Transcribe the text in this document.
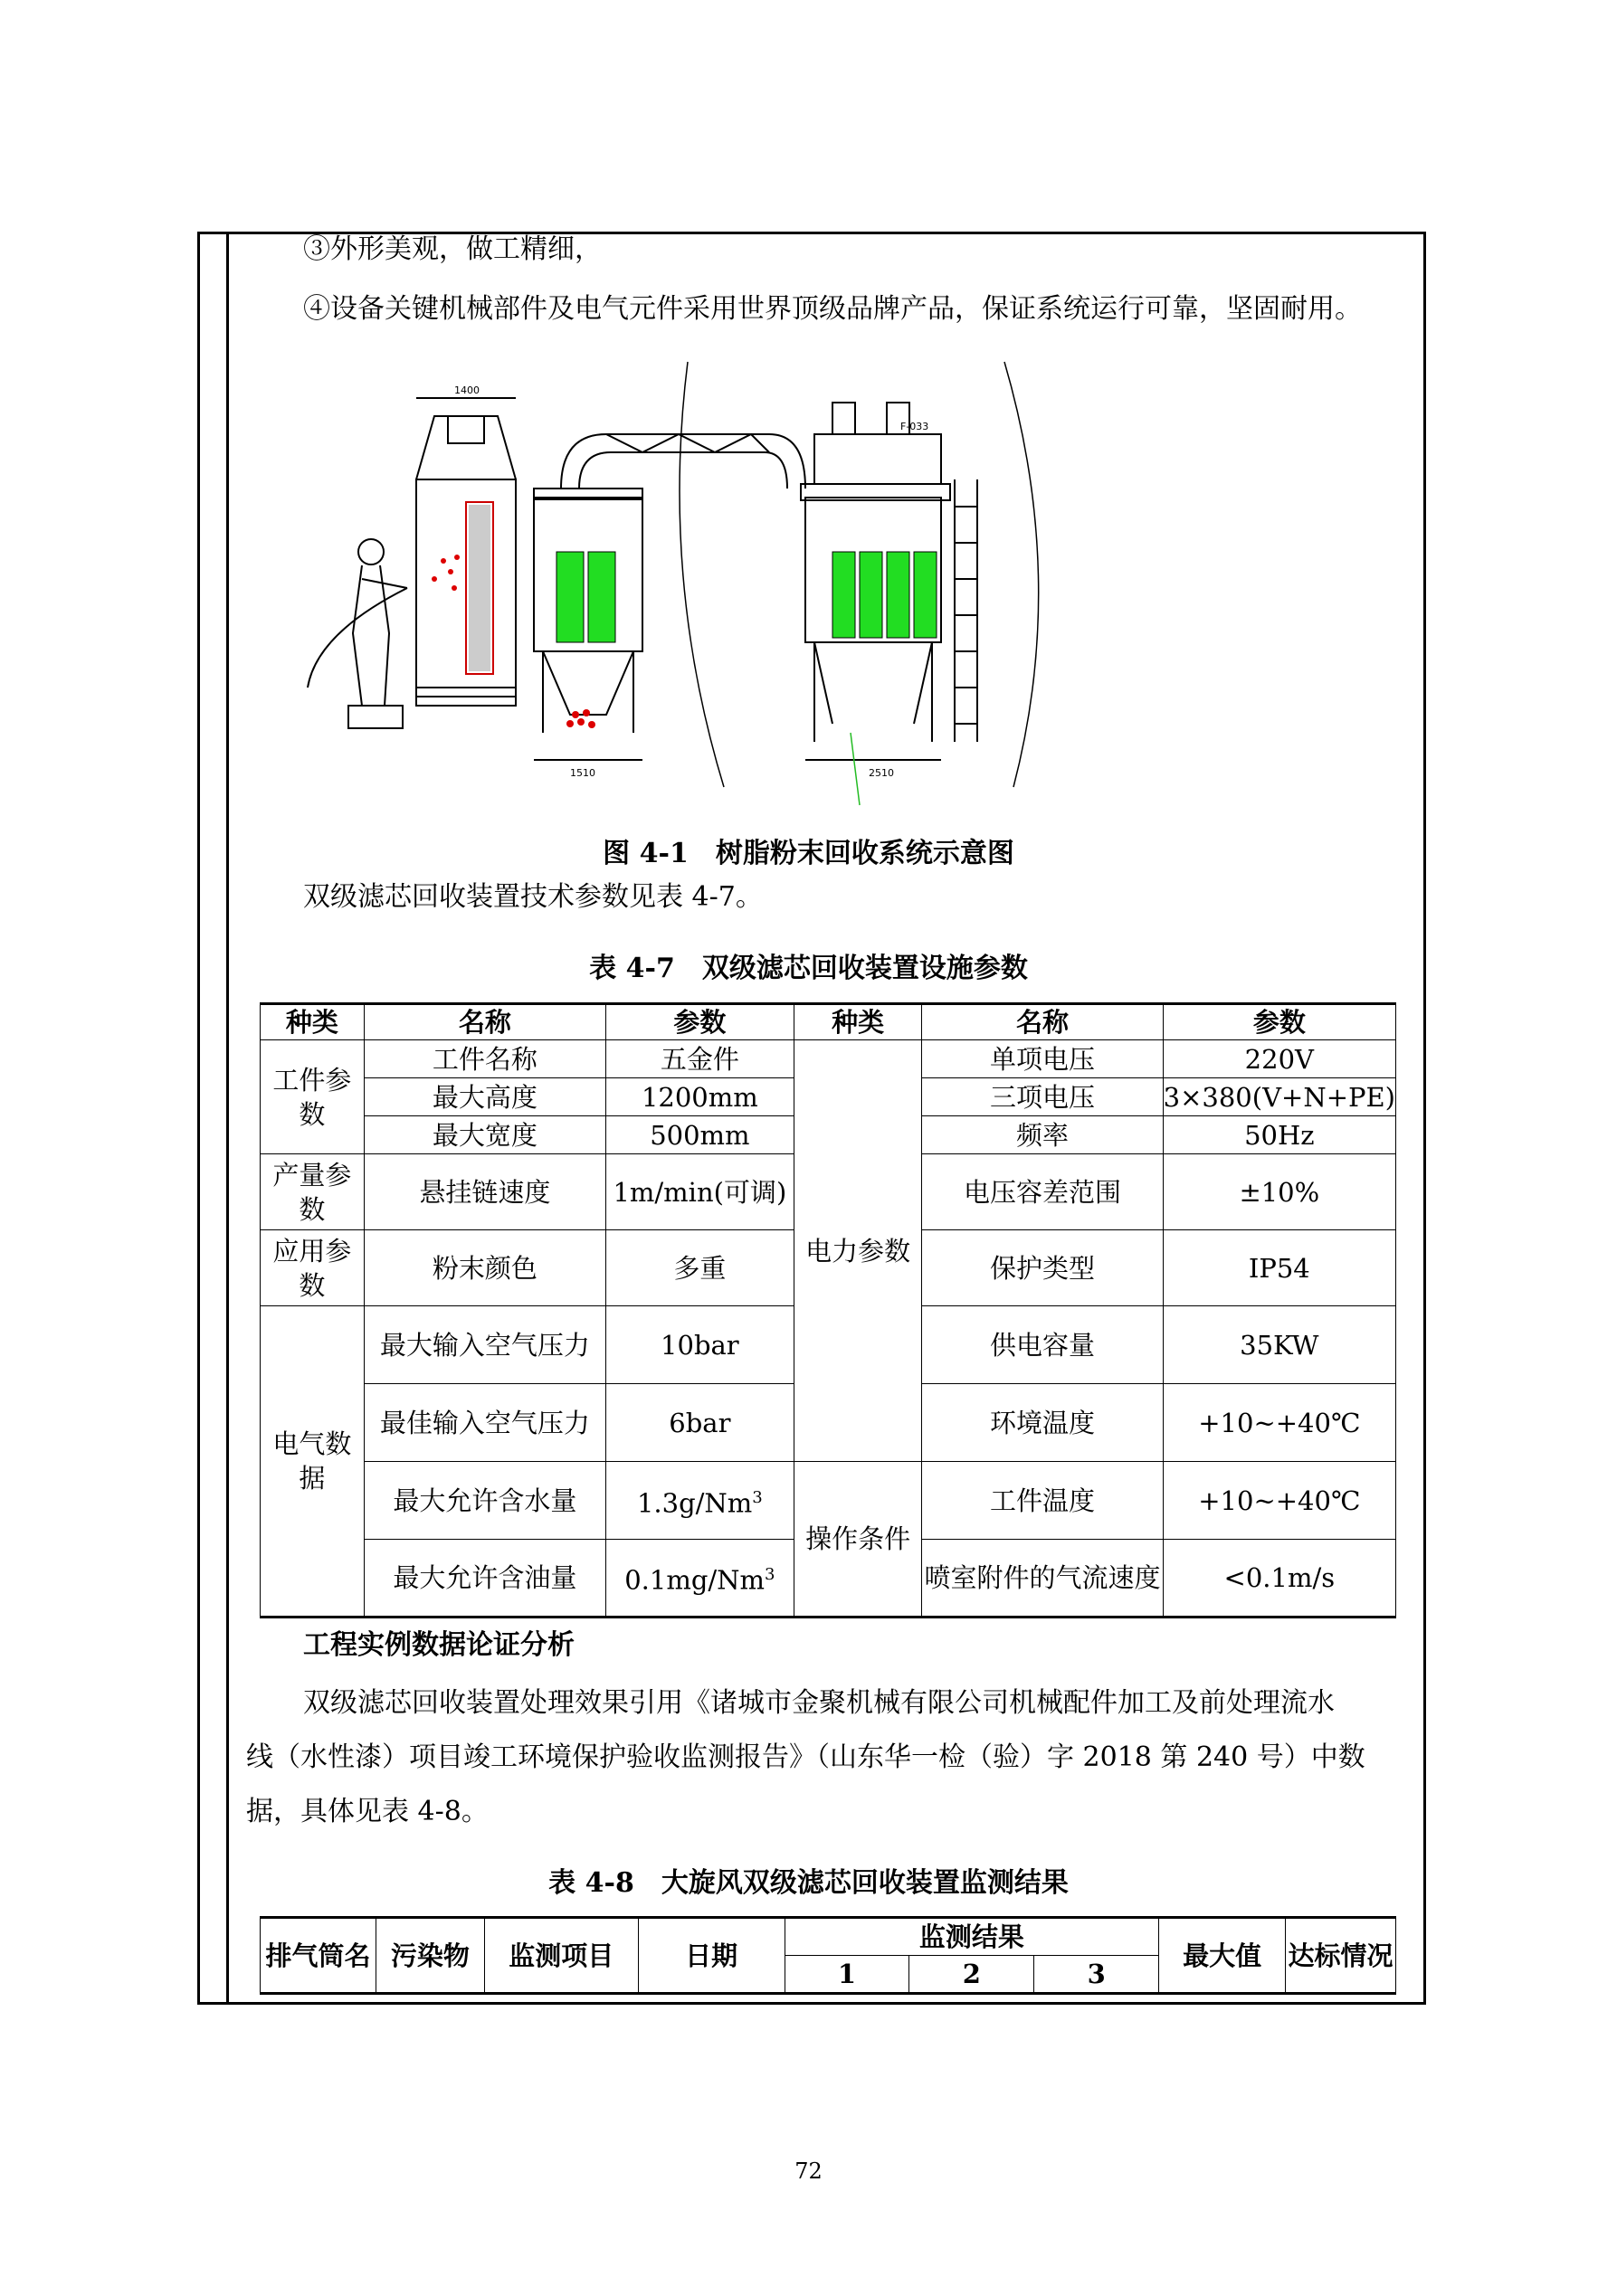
③外形美观，做工精细，
④设备关键机械部件及电气元件采用世界顶级品牌产品，保证系统运行可靠，坚固耐用。
1400
1510	2510
F-033
图 4-1　树脂粉末回收系统示意图
双级滤芯回收装置技术参数见表 4-7。
表 4-7　双级滤芯回收装置设施参数
种类	名称	参数	种类	名称	参数
工件参数	工件名称	五金件	电力参数	单项电压	220V
	最大高度	1200mm		三项电压	3×380(V+N+PE)
	最大宽度	500mm		频率	50Hz
产量参数	悬挂链速度	1m/min(可调)		电压容差范围	±10%
应用参数	粉末颜色	多重		保护类型	IP54
电气数据	最大输入空气压力	10bar		供电容量	35KW
	最佳输入空气压力	6bar		环境温度	+10~+40℃
	最大允许含水量	1.3g/Nm$^3$	操作条件	工件温度	+10~+40℃
	最大允许含油量	0.1mg/Nm$^3$		喷室附件的气流速度	<0.1m/s
工程实例数据论证分析
双级滤芯回收装置处理效果引用《诸城市金聚机械有限公司机械配件加工及前处理流水
线（水性漆）项目竣工环境保护验收监测报告》（山东华一检（验）字 2018 第 240 号）中数
据，具体见表 4-8。
表 4-8　大旋风双级滤芯回收装置监测结果
排气筒名	污染物	监测项目	日期	监测结果			最大值	达标情况
				1	2	3		
72
